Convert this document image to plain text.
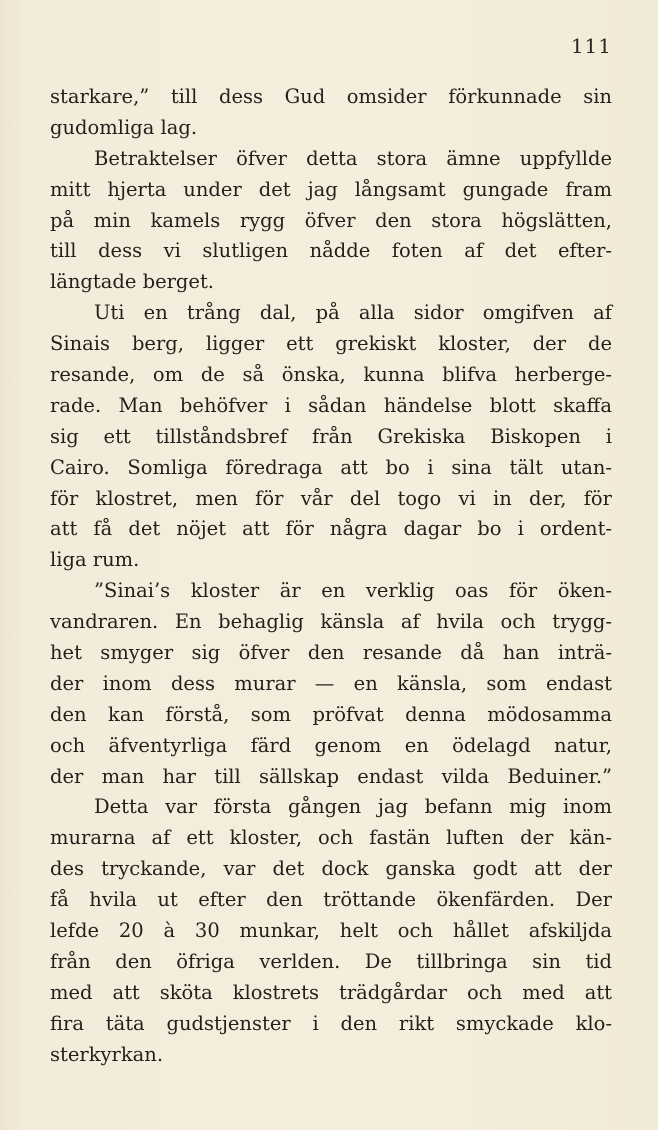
111
starkare,” till dess Gud omsider förkunnade sin
gudomliga lag.
Betraktelser öfver detta stora ämne uppfyllde
mitt hjerta under det jag långsamt gungade fram
på min kamels rygg öfver den stora högslätten,
till dess vi slutligen nådde foten af det efter-
längtade berget.
Uti en trång dal, på alla sidor omgifven af
Sinais berg, ligger ett grekiskt kloster, der de
resande, om de så önska, kunna blifva herberge-
rade. Man behöfver i sådan händelse blott skaffa
sig ett tillståndsbref från Grekiska Biskopen i
Cairo. Somliga föredraga att bo i sina tält utan-
för klostret, men för vår del togo vi in der, för
att få det nöjet att för några dagar bo i ordent-
liga rum.
”Sinai’s kloster är en verklig oas för öken-
vandraren. En behaglig känsla af hvila och trygg-
het smyger sig öfver den resande då han inträ-
der inom dess murar — en känsla, som endast
den kan förstå, som pröfvat denna mödosamma
och äfventyrliga färd genom en ödelagd natur,
der man har till sällskap endast vilda Beduiner.”
Detta var första gången jag befann mig inom
murarna af ett kloster, och fastän luften der kän-
des tryckande, var det dock ganska godt att der
få hvila ut efter den tröttande ökenfärden. Der
lefde 20 à 30 munkar, helt och hållet afskiljda
från den öfriga verlden. De tillbringa sin tid
med att sköta klostrets trädgårdar och med att
fira täta gudstjenster i den rikt smyckade klo-
sterkyrkan.
